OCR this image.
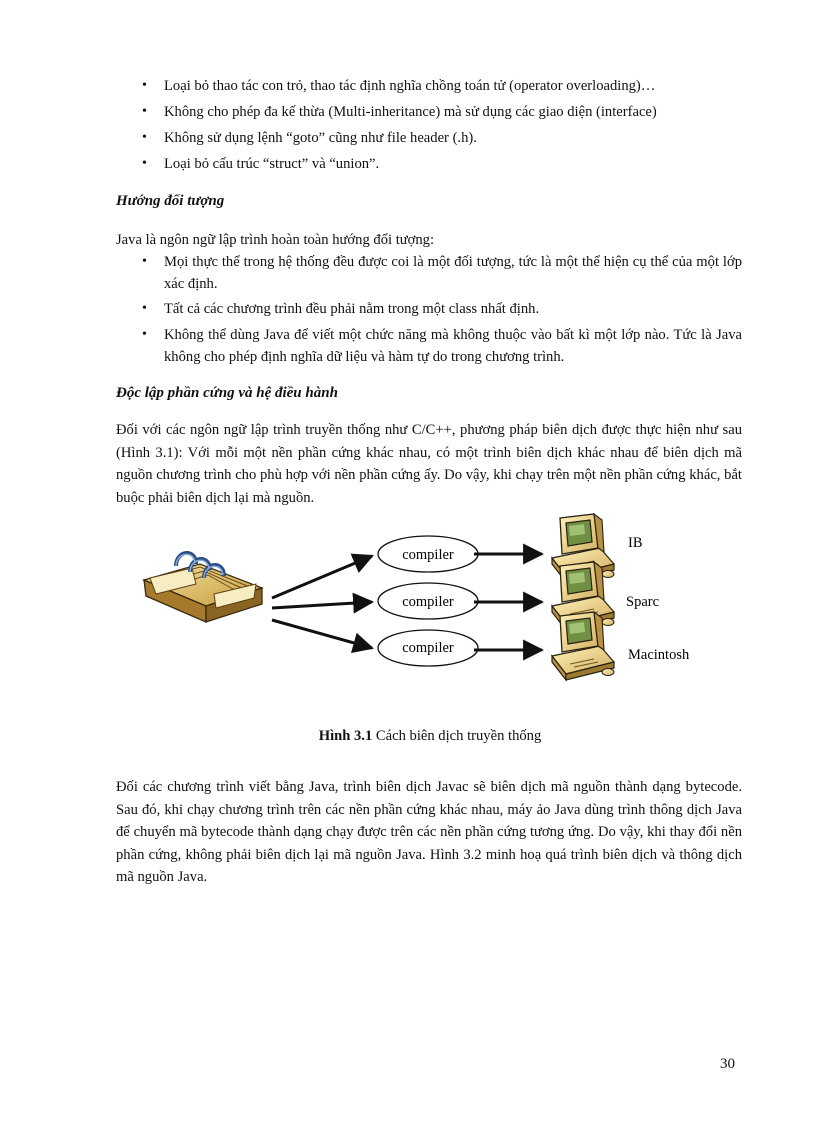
• Loại bỏ thao tác con trỏ, thao tác định nghĩa chồng toán tử (operator overloading)…
• Không cho phép đa kế thừa (Multi-inheritance) mà sử dụng các giao diện (interface)
• Không sử dụng lệnh “goto” cũng như file header (.h).
• Loại bỏ cấu trúc “struct” và “union”.
Hướng đối tượng
Java là ngôn ngữ lập trình hoàn toàn hướng đối tượng:
• Mọi thực thể trong hệ thống đều được coi là một đối tượng, tức là một thể hiện cụ thể của một lớp xác định.
• Tất cả các chương trình đều phải nằm trong một class nhất định.
• Không thể dùng Java để viết một chức năng mà không thuộc vào bất kì một lớp nào. Tức là Java không cho phép định nghĩa dữ liệu và hàm tự do trong chương trình.
Độc lập phần cứng và hệ điều hành
Đối với các ngôn ngữ lập trình truyền thống như C/C++, phương pháp biên dịch được thực hiện như sau (Hình 3.1): Với mỗi một nền phần cứng khác nhau, có một trình biên dịch khác nhau để biên dịch mã nguồn chương trình cho phù hợp với nền phần cứng ấy. Do vậy, khi chạy trên một nền phần cứng khác, bắt buộc phải biên dịch lại mà nguồn.
compiler
compiler
compiler
IB
Sparc
Macintosh
Hình 3.1 Cách biên dịch truyền thống
Đối các chương trình viết bằng Java, trình biên dịch Javac sẽ biên dịch mã nguồn thành dạng bytecode. Sau đó, khi chạy chương trình trên các nền phần cứng khác nhau, máy ảo Java dùng trình thông dịch Java để chuyển mã bytecode thành dạng chạy được trên các nền phần cứng tương ứng. Do vậy, khi thay đổi nền phần cứng, không phải biên dịch lại mã nguồn Java. Hình 3.2 minh hoạ quá trình biên dịch và thông dịch mã nguồn Java.
30
